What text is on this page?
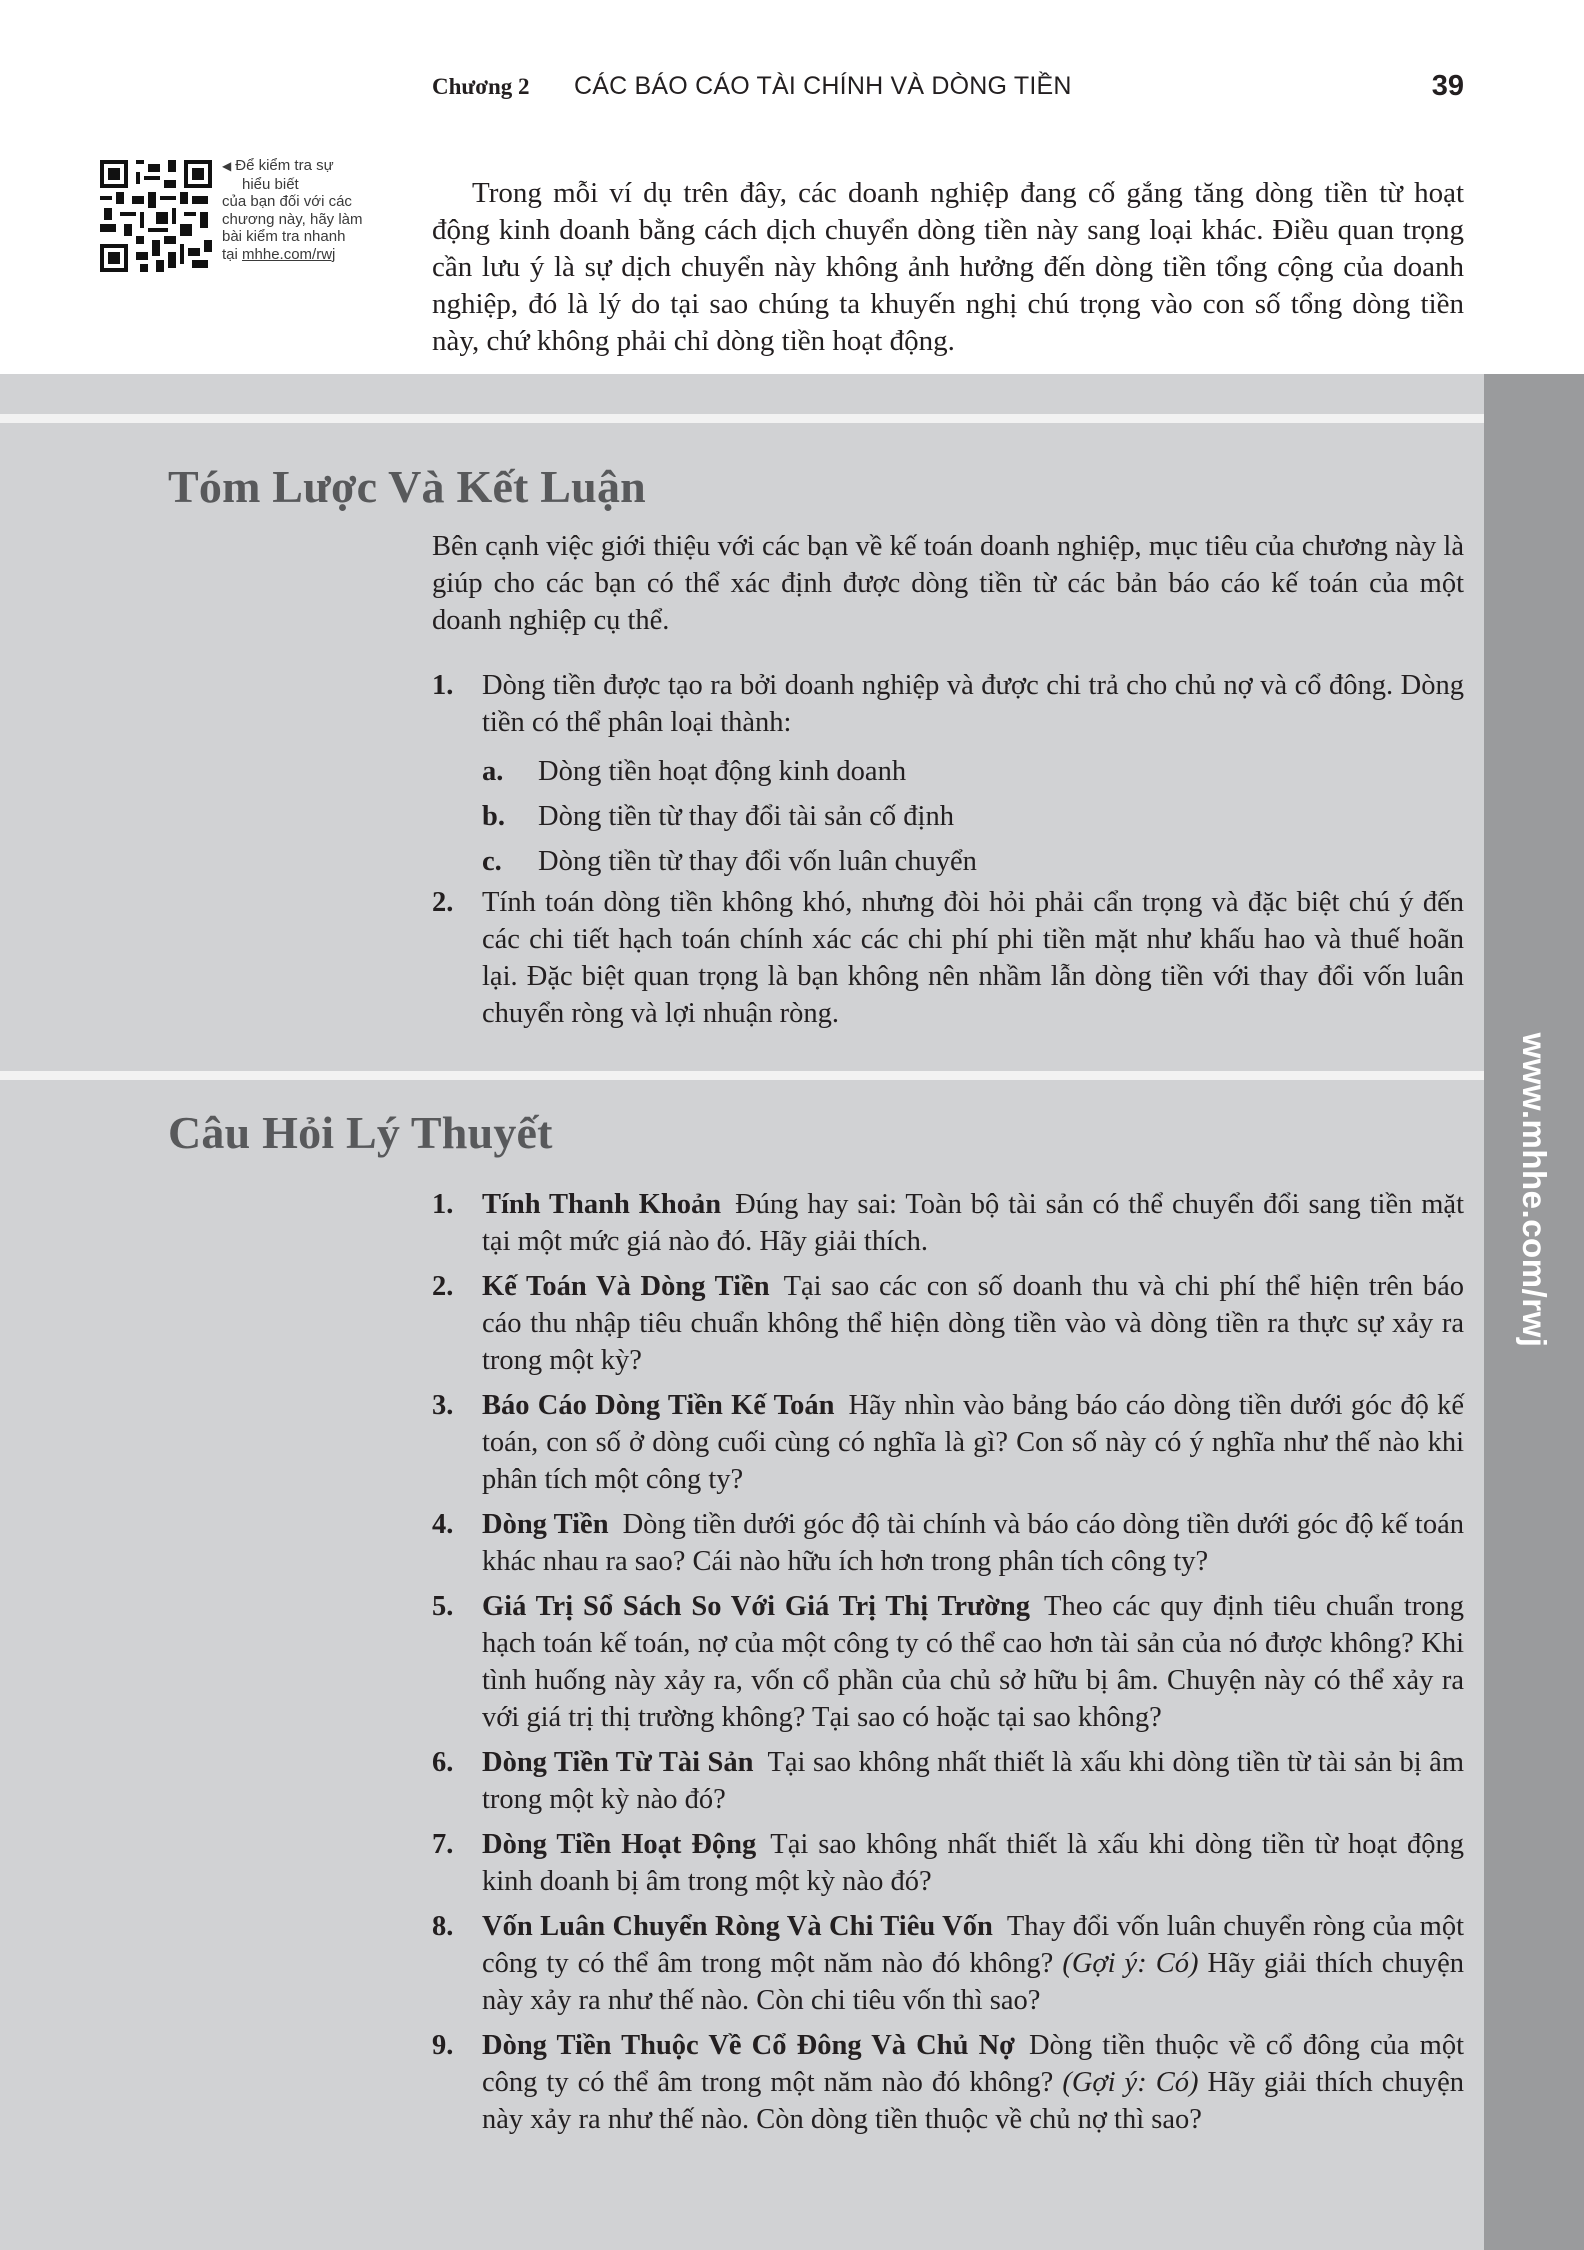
Chương 2 CÁC BÁO CÁO TÀI CHÍNH VÀ DÒNG TIỀN	39
◀ Để kiểm tra sự
hiểu biết
của bạn đối với các
chương này, hãy làm
bài kiểm tra nhanh
tại mhhe.com/rwj

Trong mỗi ví dụ trên đây, các doanh nghiệp đang cố gắng tăng dòng tiền từ hoạt động kinh doanh bằng cách dịch chuyển dòng tiền này sang loại khác. Điều quan trọng cần lưu ý là sự dịch chuyển này không ảnh hưởng đến dòng tiền tổng cộng của doanh nghiệp, đó là lý do tại sao chúng ta khuyến nghị chú trọng vào con số tổng dòng tiền này, chứ không phải chỉ dòng tiền hoạt động.

www.mhhe.com/rwj
Tóm Lược Và Kết Luận

Bên cạnh việc giới thiệu với các bạn về kế toán doanh nghiệp, mục tiêu của chương này là giúp cho các bạn có thể xác định được dòng tiền từ các bản báo cáo kế toán của một doanh nghiệp cụ thể.

1. Dòng tiền được tạo ra bởi doanh nghiệp và được chi trả cho chủ nợ và cổ đông. Dòng tiền có thể phân loại thành:
a. Dòng tiền hoạt động kinh doanh
b. Dòng tiền từ thay đổi tài sản cố định
c. Dòng tiền từ thay đổi vốn luân chuyển
2. Tính toán dòng tiền không khó, nhưng đòi hỏi phải cẩn trọng và đặc biệt chú ý đến các chi tiết hạch toán chính xác các chi phí phi tiền mặt như khấu hao và thuế hoãn lại. Đặc biệt quan trọng là bạn không nên nhầm lẫn dòng tiền với thay đổi vốn luân chuyển ròng và lợi nhuận ròng.
Câu Hỏi Lý Thuyết
1. Tính Thanh Khoản Đúng hay sai: Toàn bộ tài sản có thể chuyển đổi sang tiền mặt tại một mức giá nào đó. Hãy giải thích.
2. Kế Toán Và Dòng Tiền Tại sao các con số doanh thu và chi phí thể hiện trên báo cáo thu nhập tiêu chuẩn không thể hiện dòng tiền vào và dòng tiền ra thực sự xảy ra trong một kỳ?
3. Báo Cáo Dòng Tiền Kế Toán Hãy nhìn vào bảng báo cáo dòng tiền dưới góc độ kế toán, con số ở dòng cuối cùng có nghĩa là gì? Con số này có ý nghĩa như thế nào khi phân tích một công ty?
4. Dòng Tiền Dòng tiền dưới góc độ tài chính và báo cáo dòng tiền dưới góc độ kế toán khác nhau ra sao? Cái nào hữu ích hơn trong phân tích công ty?
5. Giá Trị Sổ Sách So Với Giá Trị Thị Trường Theo các quy định tiêu chuẩn trong hạch toán kế toán, nợ của một công ty có thể cao hơn tài sản của nó được không? Khi tình huống này xảy ra, vốn cổ phần của chủ sở hữu bị âm. Chuyện này có thể xảy ra với giá trị thị trường không? Tại sao có hoặc tại sao không?
6. Dòng Tiền Từ Tài Sản Tại sao không nhất thiết là xấu khi dòng tiền từ tài sản bị âm trong một kỳ nào đó?
7. Dòng Tiền Hoạt Động Tại sao không nhất thiết là xấu khi dòng tiền từ hoạt động kinh doanh bị âm trong một kỳ nào đó?
8. Vốn Luân Chuyển Ròng Và Chi Tiêu Vốn Thay đổi vốn luân chuyển ròng của một công ty có thể âm trong một năm nào đó không? (Gợi ý: Có) Hãy giải thích chuyện này xảy ra như thế nào. Còn chi tiêu vốn thì sao?
9. Dòng Tiền Thuộc Về Cổ Đông Và Chủ Nợ Dòng tiền thuộc về cổ đông của một công ty có thể âm trong một năm nào đó không? (Gợi ý: Có) Hãy giải thích chuyện này xảy ra như thế nào. Còn dòng tiền thuộc về chủ nợ thì sao?
